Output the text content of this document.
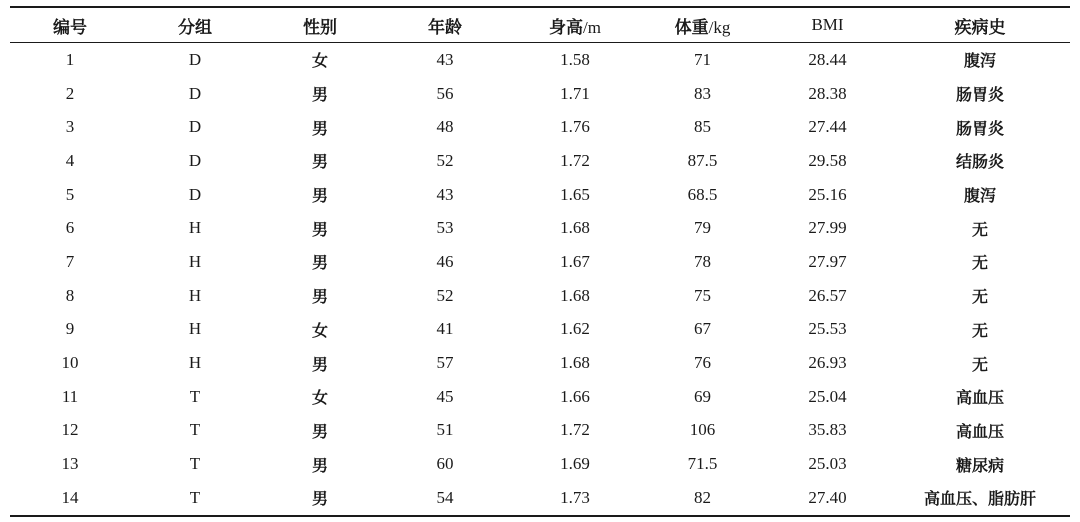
编号	分组	性别	年龄	身高/m	体重/kg	BMI	疾病史
1	D	女	43	1.58	71	28.44	腹泻
2	D	男	56	1.71	83	28.38	肠胃炎
3	D	男	48	1.76	85	27.44	肠胃炎
4	D	男	52	1.72	87.5	29.58	结肠炎
5	D	男	43	1.65	68.5	25.16	腹泻
6	H	男	53	1.68	79	27.99	无
7	H	男	46	1.67	78	27.97	无
8	H	男	52	1.68	75	26.57	无
9	H	女	41	1.62	67	25.53	无
10	H	男	57	1.68	76	26.93	无
11	T	女	45	1.66	69	25.04	高血压
12	T	男	51	1.72	106	35.83	高血压
13	T	男	60	1.69	71.5	25.03	糖尿病
14	T	男	54	1.73	82	27.40	高血压、脂肪肝
